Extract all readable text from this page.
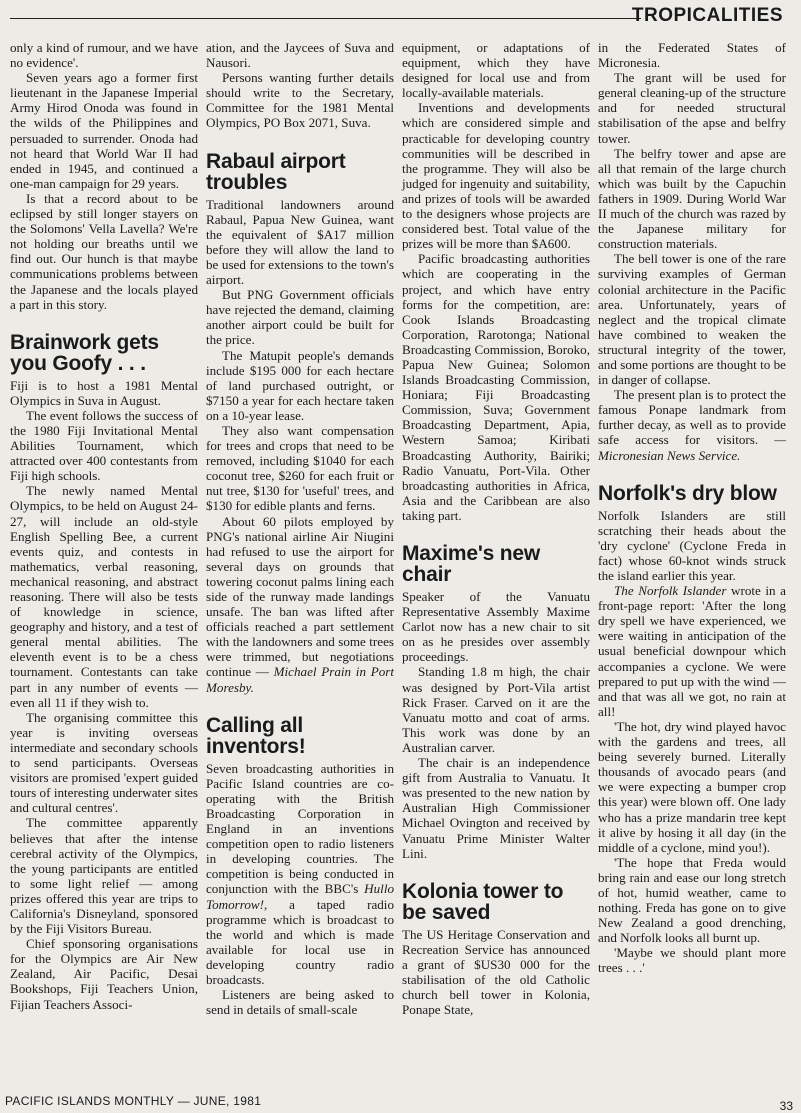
TROPICALITIES

only a kind of rumour, and we have no evidence'.

Seven years ago a former first lieutenant in the Japanese Imperial Army Hirod Onoda was found in the wilds of the Philippines and persuaded to surrender. Onoda had not heard that World War II had ended in 1945, and continued a one-man campaign for 29 years.

Is that a record about to be eclipsed by still longer stayers on the Solomons' Vella Lavella? We're not holding our breaths until we find out. Our hunch is that maybe communications problems between the Japanese and the locals played a part in this story.

Brainwork gets you Goofy . . .

Fiji is to host a 1981 Mental Olympics in Suva in August.

The event follows the success of the 1980 Fiji Invitational Mental Abilities Tournament, which attracted over 400 contestants from Fiji high schools.

The newly named Mental Olympics, to be held on August 24-27, will include an old-style English Spelling Bee, a current events quiz, and contests in mathematics, verbal reasoning, mechanical reasoning, and abstract reasoning. There will also be tests of knowledge in science, geography and history, and a test of general mental abilities. The eleventh event is to be a chess tournament. Contestants can take part in any number of events — even all 11 if they wish to.

The organising committee this year is inviting overseas intermediate and secondary schools to send participants. Overseas visitors are promised 'expert guided tours of interesting underwater sites and cultural centres'.

The committee apparently believes that after the intense cerebral activity of the Olympics, the young participants are entitled to some light relief — among prizes offered this year are trips to California's Disneyland, sponsored by the Fiji Visitors Bureau.

Chief sponsoring organisations for the Olympics are Air New Zealand, Air Pacific, Desai Bookshops, Fiji Teachers Union, Fijian Teachers Associ-

ation, and the Jaycees of Suva and Nausori.

Persons wanting further details should write to the Secretary, Committee for the 1981 Mental Olympics, PO Box 2071, Suva.

Rabaul airport troubles

Traditional landowners around Rabaul, Papua New Guinea, want the equivalent of $A17 million before they will allow the land to be used for extensions to the town's airport.

But PNG Government officials have rejected the demand, claiming another airport could be built for the price.

The Matupit people's demands include $195 000 for each hectare of land purchased outright, or $7150 a year for each hectare taken on a 10-year lease.

They also want compensation for trees and crops that need to be removed, including $1040 for each coconut tree, $260 for each fruit or nut tree, $130 for 'useful' trees, and $130 for edible plants and ferns.

About 60 pilots employed by PNG's national airline Air Niugini had refused to use the airport for several days on grounds that towering coconut palms lining each side of the runway made landings unsafe. The ban was lifted after officials reached a part settlement with the landowners and some trees were trimmed, but negotiations continue — Michael Prain in Port Moresby.

Calling all inventors!

Seven broadcasting authorities in Pacific Island countries are co-operating with the British Broadcasting Corporation in England in an inventions competition open to radio listeners in developing countries. The competition is being conducted in conjunction with the BBC's Hullo Tomorrow!, a taped radio programme which is broadcast to the world and which is made available for local use in developing country radio broadcasts.

Listeners are being asked to send in details of small-scale

equipment, or adaptations of equipment, which they have designed for local use and from locally-available materials.

Inventions and developments which are considered simple and practicable for developing country communities will be described in the programme. They will also be judged for ingenuity and suitability, and prizes of tools will be awarded to the designers whose projects are considered best. Total value of the prizes will be more than $A600.

Pacific broadcasting authorities which are cooperating in the project, and which have entry forms for the competition, are: Cook Islands Broadcasting Corporation, Rarotonga; National Broadcasting Commission, Boroko, Papua New Guinea; Solomon Islands Broadcasting Commission, Honiara; Fiji Broadcasting Commission, Suva; Government Broadcasting Department, Apia, Western Samoa; Kiribati Broadcasting Authority, Bairiki; Radio Vanuatu, Port-Vila. Other broadcasting authorities in Africa, Asia and the Caribbean are also taking part.

Maxime's new chair

Speaker of the Vanuatu Representative Assembly Maxime Carlot now has a new chair to sit on as he presides over assembly proceedings.

Standing 1.8 m high, the chair was designed by Port-Vila artist Rick Fraser. Carved on it are the Vanuatu motto and coat of arms. This work was done by an Australian carver.

The chair is an independence gift from Australia to Vanuatu. It was presented to the new nation by Australian High Commissioner Michael Ovington and received by Vanuatu Prime Minister Walter Lini.

Kolonia tower to be saved

The US Heritage Conservation and Recreation Service has announced a grant of $US30 000 for the stabilisation of the old Catholic church bell tower in Kolonia, Ponape State,

in the Federated States of Micronesia.

The grant will be used for general cleaning-up of the structure and for needed structural stabilisation of the apse and belfry tower.

The belfry tower and apse are all that remain of the large church which was built by the Capuchin fathers in 1909. During World War II much of the church was razed by the Japanese military for construction materials.

The bell tower is one of the rare surviving examples of German colonial architecture in the Pacific area. Unfortunately, years of neglect and the tropical climate have combined to weaken the structural integrity of the tower, and some portions are thought to be in danger of collapse.

The present plan is to protect the famous Ponape landmark from further decay, as well as to provide safe access for visitors. — Micronesian News Service.

Norfolk's dry blow

Norfolk Islanders are still scratching their heads about the 'dry cyclone' (Cyclone Freda in fact) whose 60-knot winds struck the island earlier this year.

The Norfolk Islander wrote in a front-page report: 'After the long dry spell we have experienced, we were waiting in anticipation of the usual beneficial downpour which accompanies a cyclone. We were prepared to put up with the wind — and that was all we got, no rain at all!

'The hot, dry wind played havoc with the gardens and trees, all being severely burned. Literally thousands of avocado pears (and we were expecting a bumper crop this year) were blown off. One lady who has a prize mandarin tree kept it alive by hosing it all day (in the middle of a cyclone, mind you!).

'The hope that Freda would bring rain and ease our long stretch of hot, humid weather, came to nothing. Freda has gone on to give New Zealand a good drenching, and Norfolk looks all burnt up.

'Maybe we should plant more trees . . .'

PACIFIC ISLANDS MONTHLY — JUNE, 1981	33
